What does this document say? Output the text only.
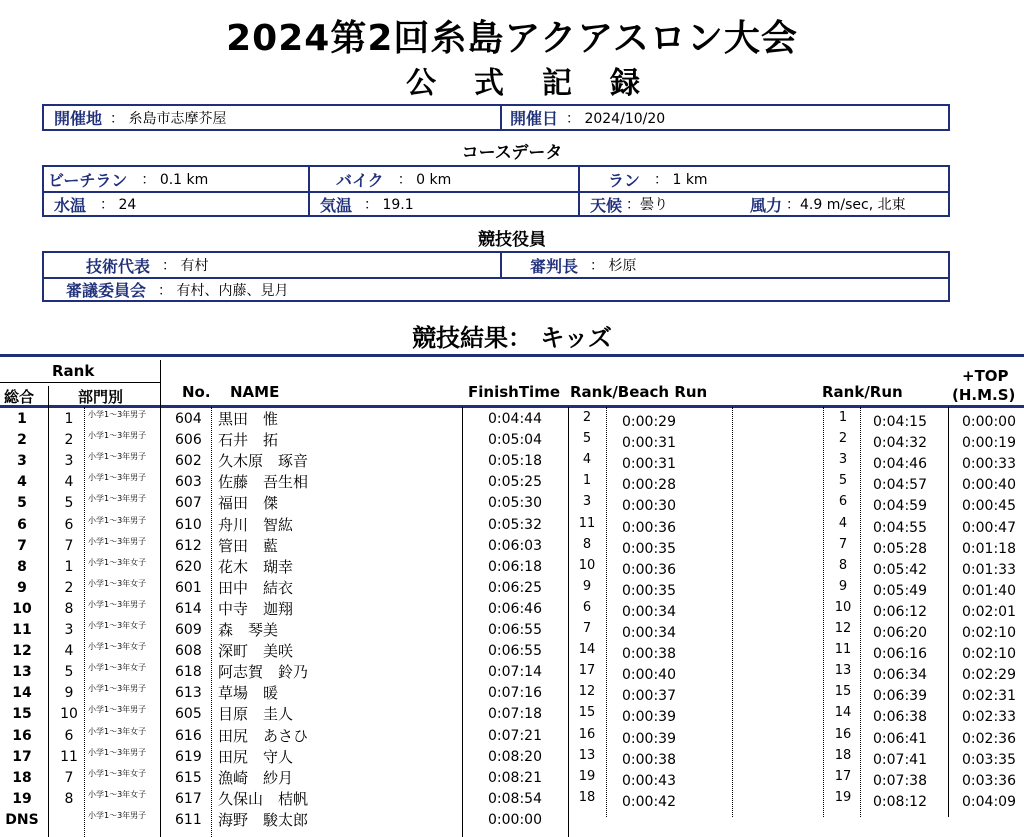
2024第2回糸島アクアスロン大会
公式記録
開催地 ： 糸島市志摩芥屋	開催日 ： 2024/10/20
コースデータ
ビーチラン ： 0.1 km	バイク ： 0 km	ラン ： 1 km
水温 ： 24	気温 ： 19.1	天候 ：曇り	風力 ：4.9 m/sec, 北東
競技役員
技術代表 ： 有村	審判長 ： 杉原
審議委員会 ： 有村、内藤、見月
競技結果： キッズ
Rank
総合	部門別	No. NAME	FinishTime Rank/Beach Run	Rank/Run
+TOP
(H.M.S)
1	1	小学1～3年男子 604 黒田　惟	0:04:44	2	0:00:29	1	0:04:15	0:00:00
2	2	小学1～3年男子 606 石井　拓	0:05:04	5	0:00:31	2	0:04:32	0:00:19
3	3	小学1～3年男子 602 久木原　琢音	0:05:18	4	0:00:31	3	0:04:46	0:00:33
4	4	小学1～3年男子 603 佐藤　吾生相	0:05:25	1	0:00:28	5	0:04:57	0:00:40
5	5	小学1～3年男子 607 福田　傑	0:05:30	3	0:00:30	6	0:04:59	0:00:45
6	6	小学1～3年男子 610 舟川　智紘	0:05:32	11 0:00:36	4	0:04:55	0:00:47
7	7	小学1～3年男子 612 管田　藍	0:06:03	8	0:00:35	7	0:05:28	0:01:18
8	1	小学1～3年女子 620 花木　瑚幸	0:06:18	10 0:00:36	8	0:05:42	0:01:33
9	2	小学1～3年女子 601 田中　結衣	0:06:25	9	0:00:35	9	0:05:49	0:01:40
10	8	小学1～3年男子 614 中寺　迦翔	0:06:46	6	0:00:34	10 0:06:12	0:02:01
11	3	小学1～3年女子 609 森　琴美	0:06:55	7	0:00:34	12 0:06:20	0:02:10
12	4	小学1～3年女子 608 深町　美咲	0:06:55	14 0:00:38	11 0:06:16	0:02:10
13	5	小学1～3年女子 618 阿志賀　鈴乃	0:07:14	17 0:00:40	13 0:06:34	0:02:29
14	9	小学1～3年男子 613 草場　暖	0:07:16	12 0:00:37	15 0:06:39	0:02:31
15	10 小学1～3年男子 605 目原　圭人	0:07:18	15 0:00:39	14 0:06:38	0:02:33
16	6	小学1～3年女子 616 田尻　あさひ	0:07:21	16 0:00:39	16 0:06:41	0:02:36
17	11 小学1～3年男子 619 田尻　守人	0:08:20	13 0:00:38	18 0:07:41	0:03:35
18	7	小学1～3年女子 615 漁崎　紗月	0:08:21	19 0:00:43	17 0:07:38	0:03:36
19	8	小学1～3年女子 617 久保山　桔帆	0:08:54	18 0:00:42	19 0:08:12	0:04:09
DNS	小学1～3年男子 611 海野　駿太郎	0:00:00
